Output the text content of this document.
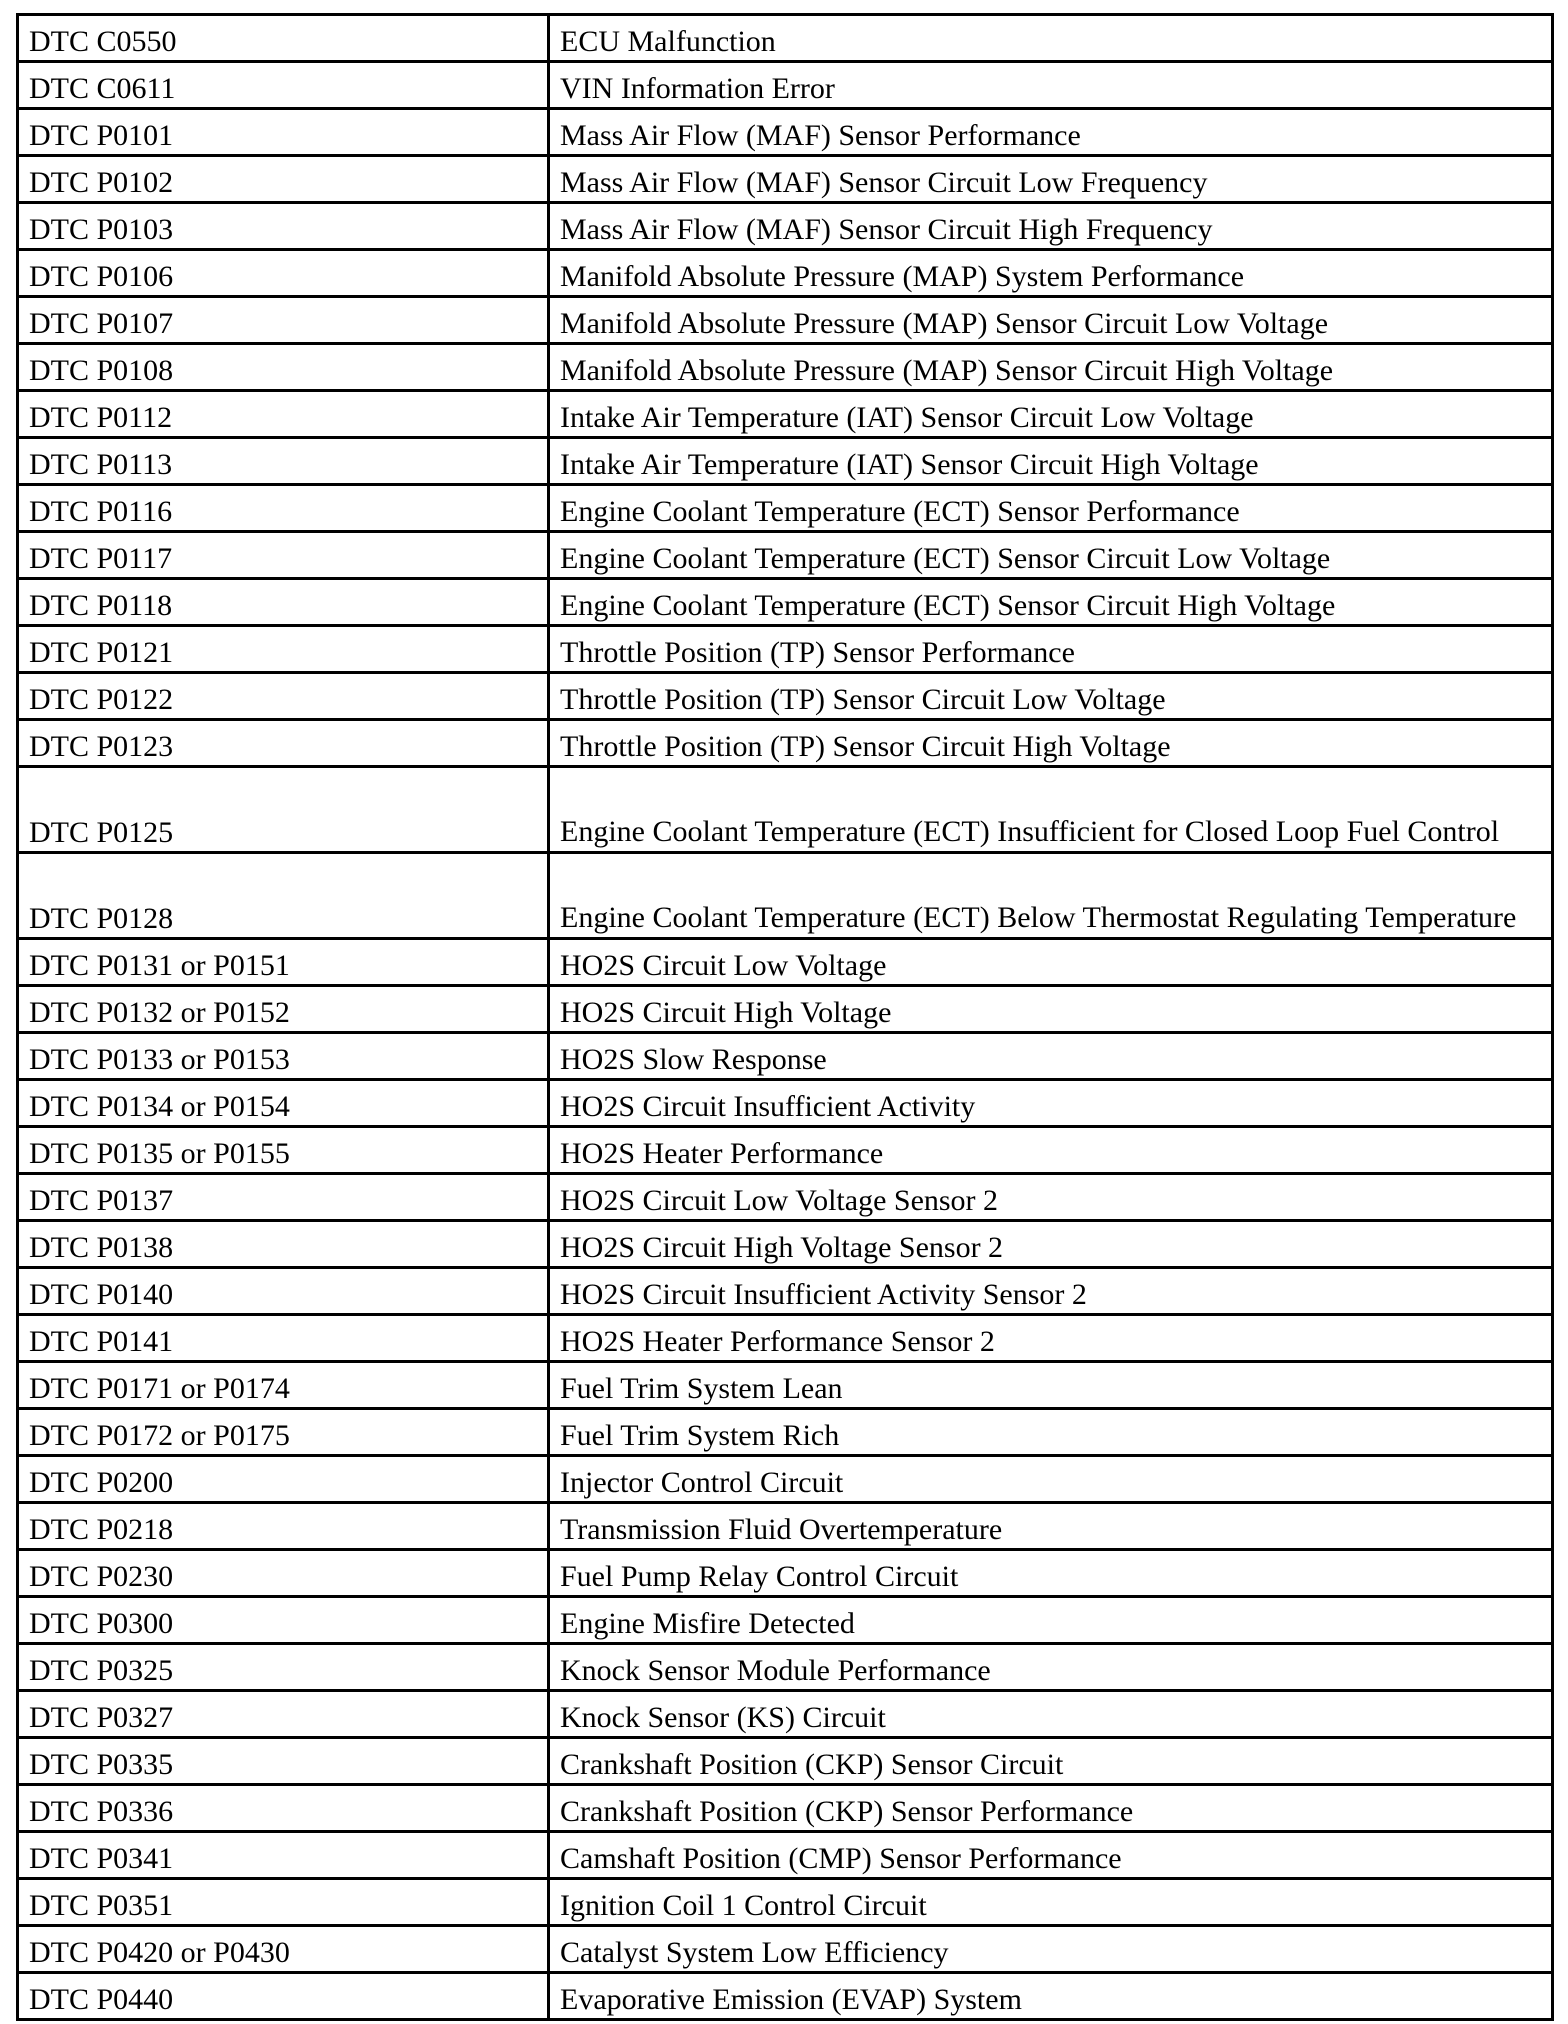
DTC C0550	ECU Malfunction
DTC C0611	VIN Information Error
DTC P0101	Mass Air Flow (MAF) Sensor Performance
DTC P0102	Mass Air Flow (MAF) Sensor Circuit Low Frequency
DTC P0103	Mass Air Flow (MAF) Sensor Circuit High Frequency
DTC P0106	Manifold Absolute Pressure (MAP) System Performance
DTC P0107	Manifold Absolute Pressure (MAP) Sensor Circuit Low Voltage
DTC P0108	Manifold Absolute Pressure (MAP) Sensor Circuit High Voltage
DTC P0112	Intake Air Temperature (IAT) Sensor Circuit Low Voltage
DTC P0113	Intake Air Temperature (IAT) Sensor Circuit High Voltage
DTC P0116	Engine Coolant Temperature (ECT) Sensor Performance
DTC P0117	Engine Coolant Temperature (ECT) Sensor Circuit Low Voltage
DTC P0118	Engine Coolant Temperature (ECT) Sensor Circuit High Voltage
DTC P0121	Throttle Position (TP) Sensor Performance
DTC P0122	Throttle Position (TP) Sensor Circuit Low Voltage
DTC P0123	Throttle Position (TP) Sensor Circuit High Voltage
DTC P0125	Engine Coolant Temperature (ECT) Insufficient for Closed Loop Fuel Control
DTC P0128	Engine Coolant Temperature (ECT) Below Thermostat Regulating Temperature
DTC P0131 or P0151	HO2S Circuit Low Voltage
DTC P0132 or P0152	HO2S Circuit High Voltage
DTC P0133 or P0153	HO2S Slow Response
DTC P0134 or P0154	HO2S Circuit Insufficient Activity
DTC P0135 or P0155	HO2S Heater Performance
DTC P0137	HO2S Circuit Low Voltage Sensor 2
DTC P0138	HO2S Circuit High Voltage Sensor 2
DTC P0140	HO2S Circuit Insufficient Activity Sensor 2
DTC P0141	HO2S Heater Performance Sensor 2
DTC P0171 or P0174	Fuel Trim System Lean
DTC P0172 or P0175	Fuel Trim System Rich
DTC P0200	Injector Control Circuit
DTC P0218	Transmission Fluid Overtemperature
DTC P0230	Fuel Pump Relay Control Circuit
DTC P0300	Engine Misfire Detected
DTC P0325	Knock Sensor Module Performance
DTC P0327	Knock Sensor (KS) Circuit
DTC P0335	Crankshaft Position (CKP) Sensor Circuit
DTC P0336	Crankshaft Position (CKP) Sensor Performance
DTC P0341	Camshaft Position (CMP) Sensor Performance
DTC P0351	Ignition Coil 1 Control Circuit
DTC P0420 or P0430	Catalyst System Low Efficiency
DTC P0440	Evaporative Emission (EVAP) System
